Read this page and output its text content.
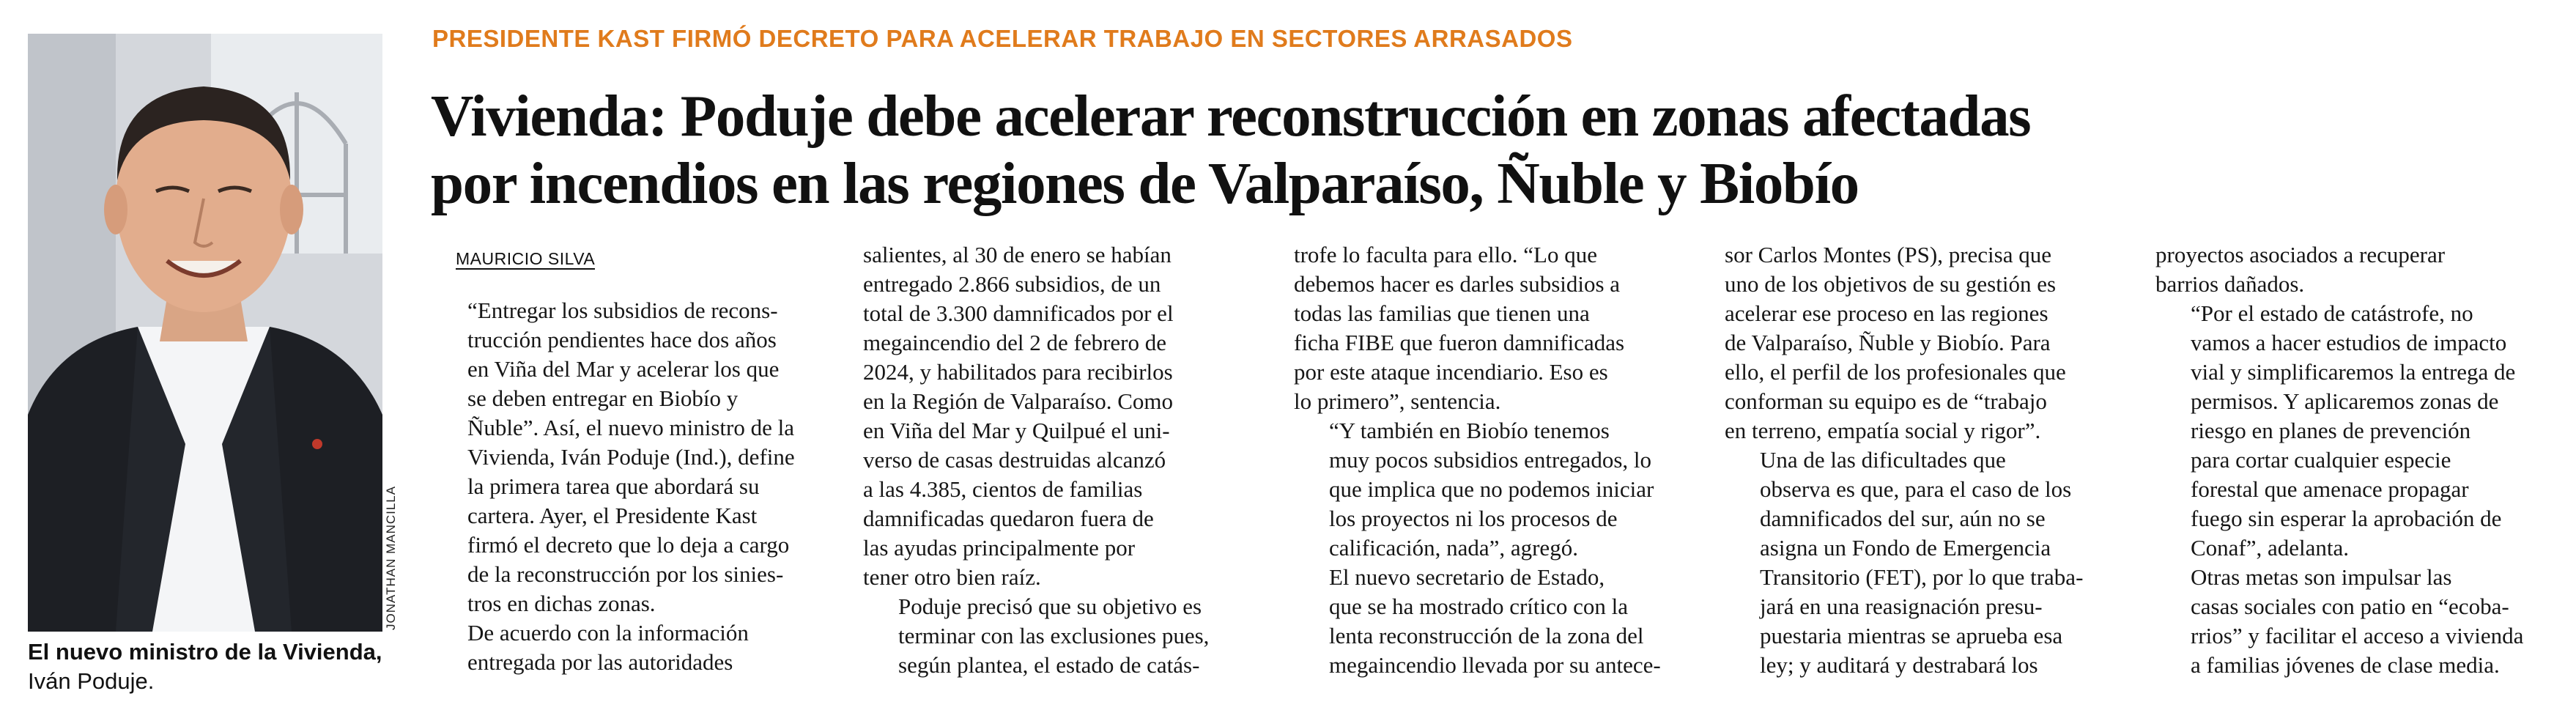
JONATHAN MANCILLA
El nuevo ministro de la Vivienda, Iván Poduje.
PRESIDENTE KAST FIRMÓ DECRETO PARA ACELERAR TRABAJO EN SECTORES ARRASADOS
Vivienda: Poduje debe acelerar reconstrucción en zonas afectadas
por incendios en las regiones de Valparaíso, Ñuble y Biobío
MAURICIO SILVA

“Entregar los subsidios de recons-
trucción pendientes hace dos años
en Viña del Mar y acelerar los que
se deben entregar en Biobío y
Ñuble”. Así, el nuevo ministro de la
Vivienda, Iván Poduje (Ind.), define
la primera tarea que abordará su
cartera. Ayer, el Presidente Kast
firmó el decreto que lo deja a cargo
de la reconstrucción por los sinies-
tros en dichas zonas.

De acuerdo con la información
entregada por las autoridades

salientes, al 30 de enero se habían
entregado 2.866 subsidios, de un
total de 3.300 damnificados por el
megaincendio del 2 de febrero de
2024, y habilitados para recibirlos
en la Región de Valparaíso. Como
en Viña del Mar y Quilpué el uni-
verso de casas destruidas alcanzó
a las 4.385, cientos de familias
damnificadas quedaron fuera de
las ayudas principalmente por
tener otro bien raíz.

Poduje precisó que su objetivo es
terminar con las exclusiones pues,
según plantea, el estado de catás-

trofe lo faculta para ello. “Lo que
debemos hacer es darles subsidios a
todas las familias que tienen una
ficha FIBE que fueron damnificadas
por este ataque incendiario. Eso es
lo primero”, sentencia.

“Y también en Biobío tenemos
muy pocos subsidios entregados, lo
que implica que no podemos iniciar
los proyectos ni los procesos de
calificación, nada”, agregó.

El nuevo secretario de Estado,
que se ha mostrado crítico con la
lenta reconstrucción de la zona del
megaincendio llevada por su antece-

sor Carlos Montes (PS), precisa que
uno de los objetivos de su gestión es
acelerar ese proceso en las regiones
de Valparaíso, Ñuble y Biobío. Para
ello, el perfil de los profesionales que
conforman su equipo es de “trabajo
en terreno, empatía social y rigor”.

Una de las dificultades que
observa es que, para el caso de los
damnificados del sur, aún no se
asigna un Fondo de Emergencia
Transitorio (FET), por lo que traba-
jará en una reasignación presu-
puestaria mientras se aprueba esa
ley; y auditará y destrabará los

proyectos asociados a recuperar
barrios dañados.

“Por el estado de catástrofe, no
vamos a hacer estudios de impacto
vial y simplificaremos la entrega de
permisos. Y aplicaremos zonas de
riesgo en planes de prevención
para cortar cualquier especie
forestal que amenace propagar
fuego sin esperar la aprobación de
Conaf”, adelanta.

Otras metas son impulsar las
casas sociales con patio en “ecoba-
rrios” y facilitar el acceso a vivienda
a familias jóvenes de clase media.
